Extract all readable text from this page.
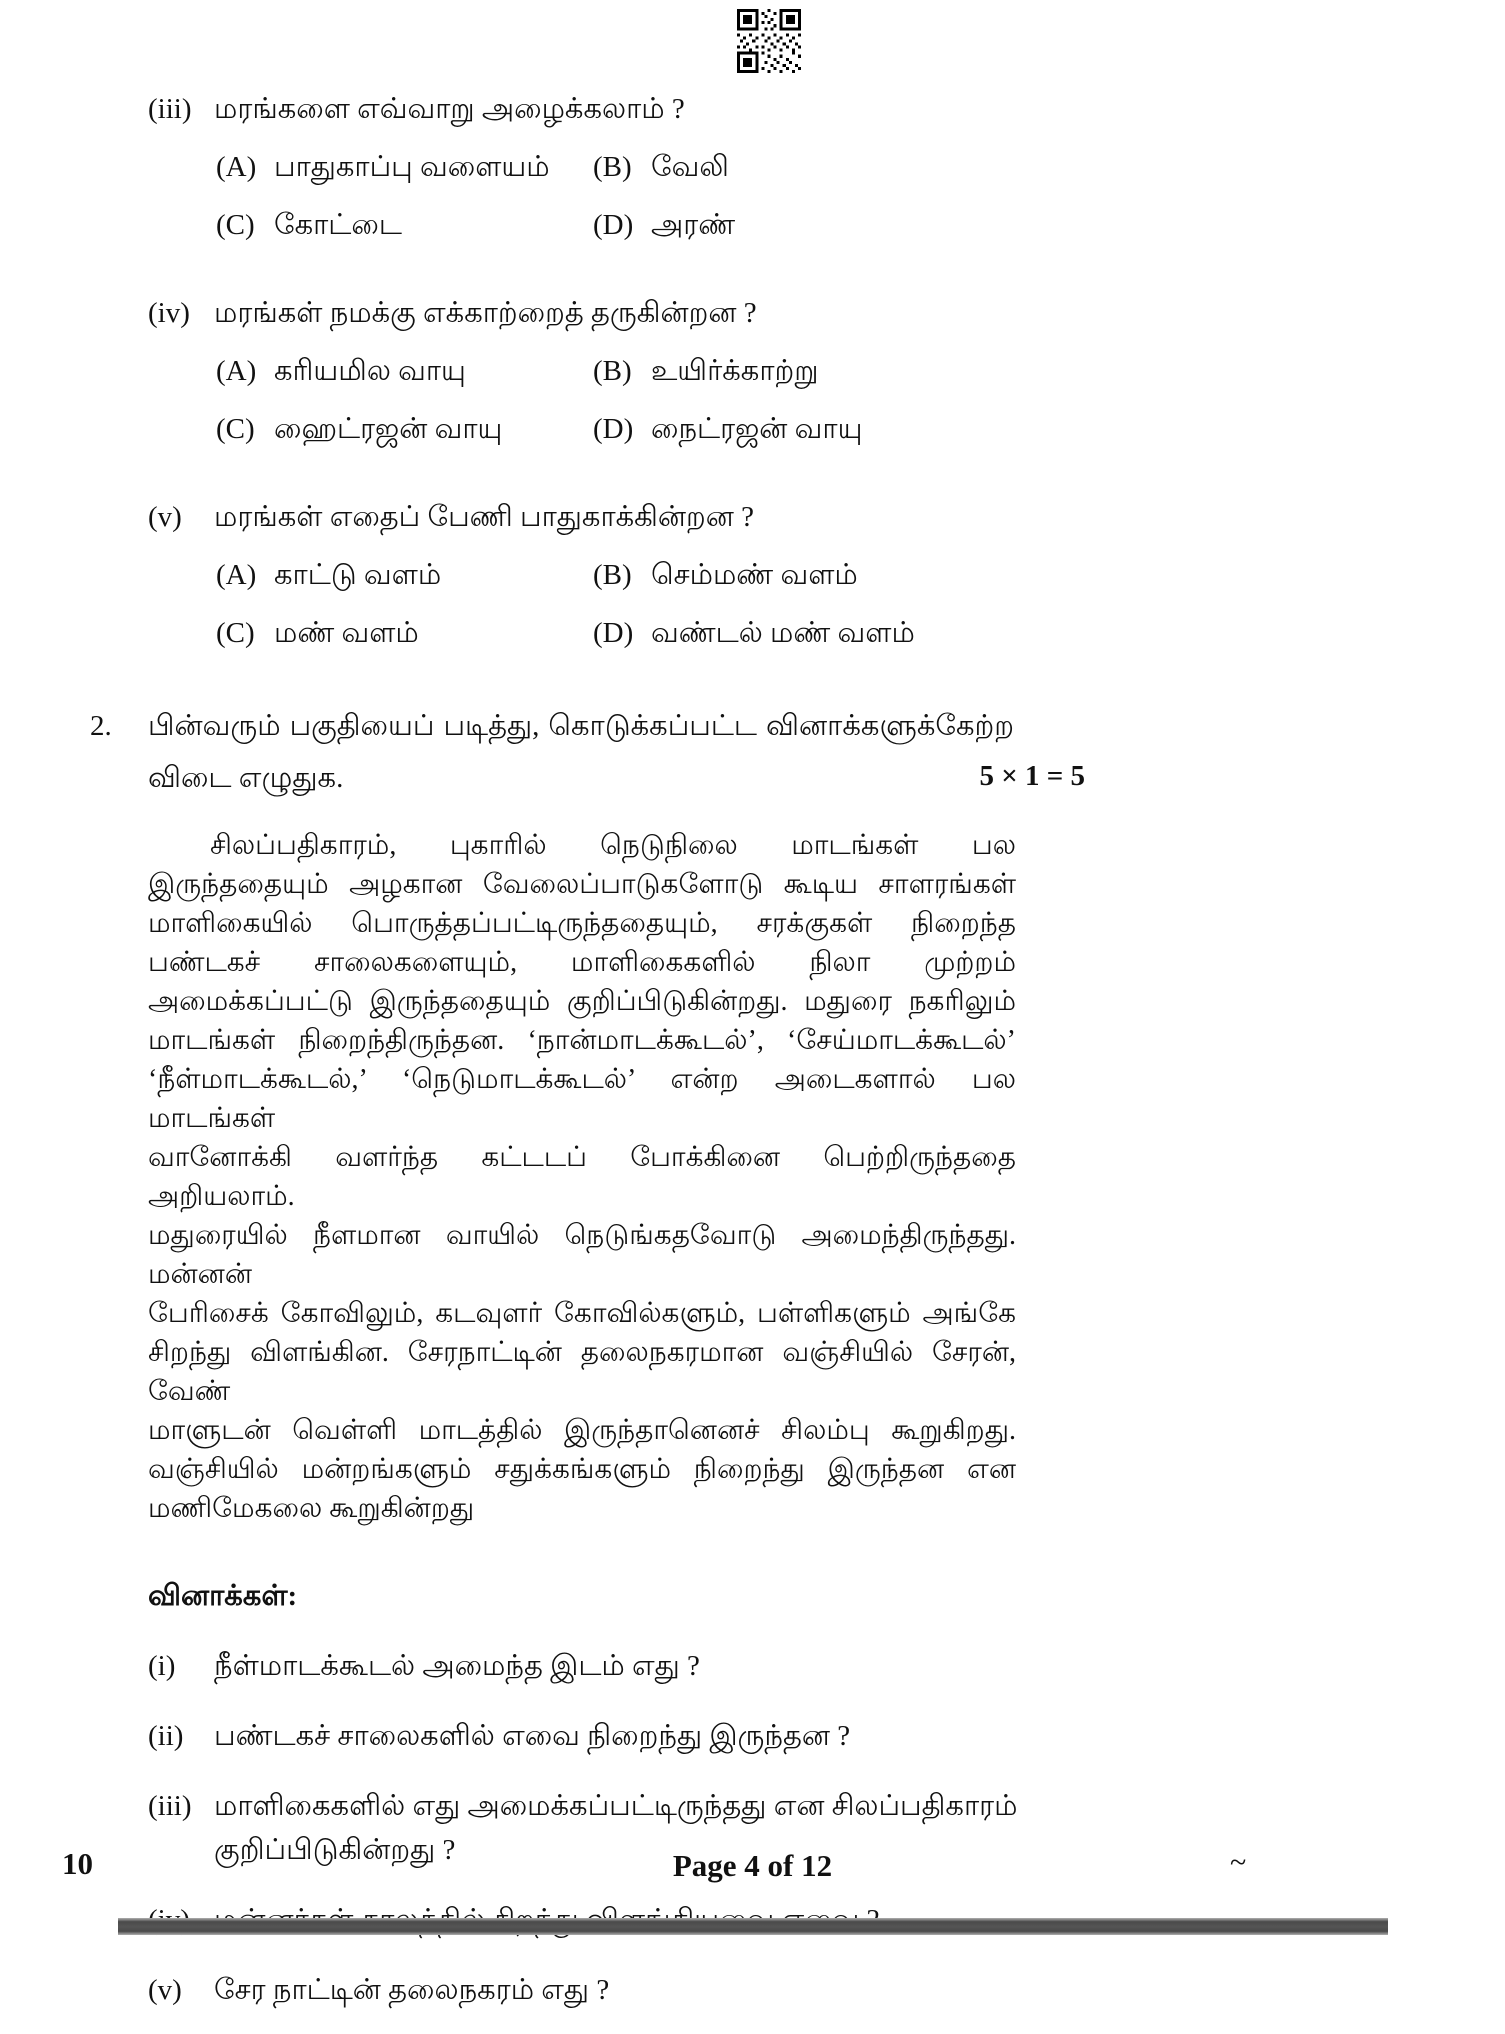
(iii) மரங்களை எவ்வாறு அழைக்கலாம் ?
(A) பாதுகாப்பு வளையம் (B) வேலி
(C) கோட்டை	(D) அரண்
(iv) மரங்கள் நமக்கு எக்காற்றைத் தருகின்றன ?
(A) கரியமில வாயு	(B) உயிர்க்காற்று
(C) ஹைட்ரஜன் வாயு	(D) நைட்ரஜன் வாயு
(v)	மரங்கள் எதைப் பேணி பாதுகாக்கின்றன ?
(A) காட்டு வளம்	(B) செம்மண் வளம்
(C) மண் வளம்	(D) வண்டல் மண் வளம்
2.	பின்வரும் பகுதியைப் படித்து, கொடுக்கப்பட்ட வினாக்களுக்கேற்ற
விடை எழுதுக.	5 × 1 = 5
சிலப்பதிகாரம், புகாரில் நெடுநிலை மாடங்கள் பல
இருந்ததையும் அழகான வேலைப்பாடுகளோடு கூடிய சாளரங்கள்
மாளிகையில் பொருத்தப்பட்டிருந்ததையும், சரக்குகள் நிறைந்த
பண்டகச் சாலைகளையும், மாளிகைகளில் நிலா முற்றம்
அமைக்கப்பட்டு இருந்ததையும் குறிப்பிடுகின்றது. மதுரை நகரிலும்
மாடங்கள் நிறைந்திருந்தன. ‘நான்மாடக்கூடல்’, ‘சேய்மாடக்கூடல்’
‘நீள்மாடக்கூடல்,’ ‘நெடுமாடக்கூடல்’ என்ற அடைகளால் பல மாடங்கள்
வானோக்கி வளர்ந்த கட்டடப் போக்கினை பெற்றிருந்ததை அறியலாம்.
மதுரையில் நீளமான வாயில் நெடுங்கதவோடு அமைந்திருந்தது. மன்னன்
பேரிசைக் கோவிலும், கடவுளர் கோவில்களும், பள்ளிகளும் அங்கே
சிறந்து விளங்கின. சேரநாட்டின் தலைநகரமான வஞ்சியில் சேரன், வேண்
மாளுடன் வெள்ளி மாடத்தில் இருந்தானெனச் சிலம்பு கூறுகிறது.
வஞ்சியில் மன்றங்களும் சதுக்கங்களும் நிறைந்து இருந்தன என
மணிமேகலை கூறுகின்றது
வினாக்கள்:
(i)	நீள்மாடக்கூடல் அமைந்த இடம் எது ?
(ii)	பண்டகச் சாலைகளில் எவை நிறைந்து இருந்தன ?
(iii) மாளிகைகளில் எது அமைக்கப்பட்டிருந்தது என சிலப்பதிகாரம் குறிப்பிடுகின்றது ?
(v)	சேர நாட்டின் தலைநகரம் எது ?
10	Page 4 of 12	~
